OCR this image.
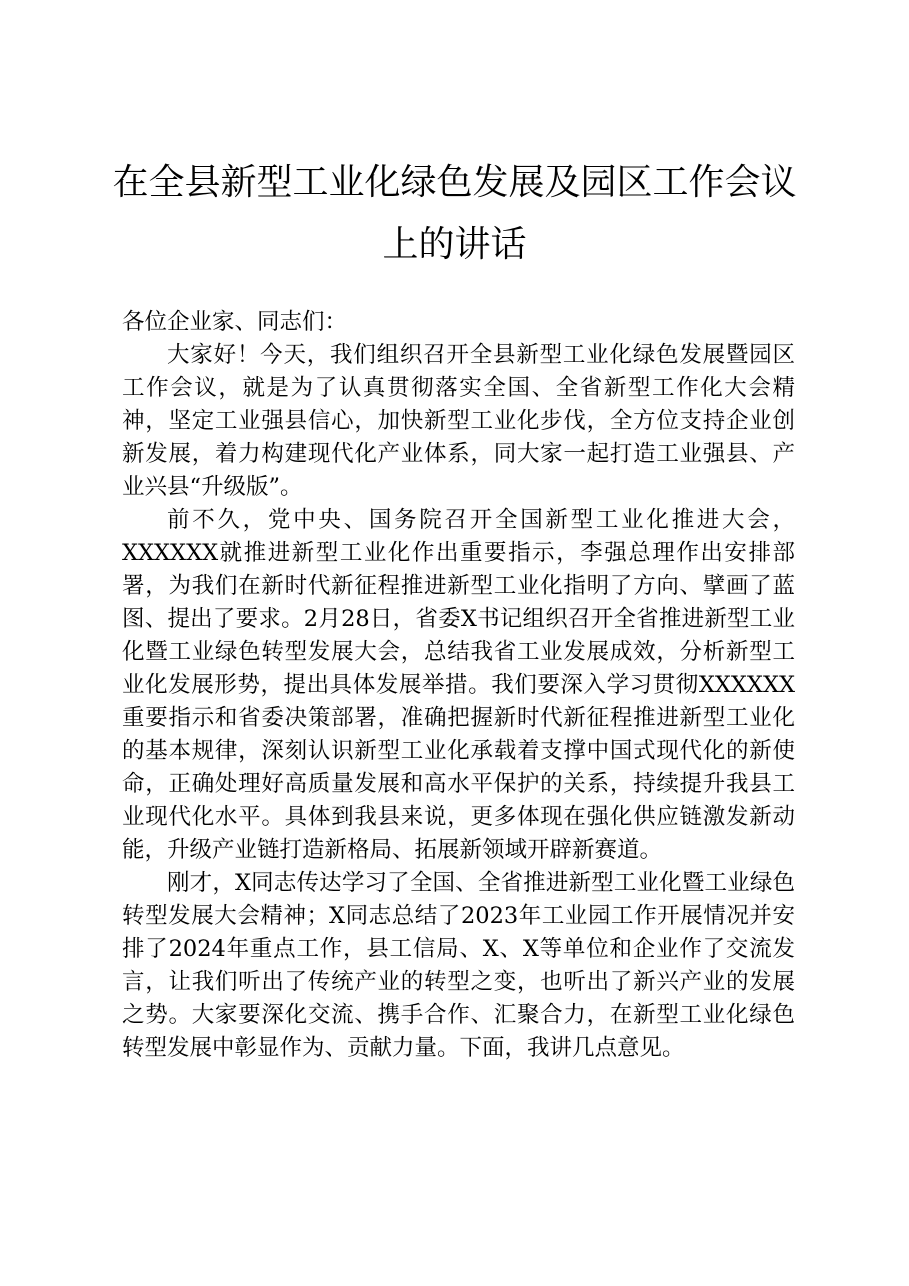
在全县新型工业化绿色发展及园区工作会议上的讲话

各位企业家、同志们：

大家好！今天，我们组织召开全县新型工业化绿色发展暨园区工作会议，就是为了认真贯彻落实全国、全省新型工作化大会精神，坚定工业强县信心，加快新型工业化步伐，全方位支持企业创新发展，着力构建现代化产业体系，同大家一起打造工业强县、产业兴县“升级版”。

前不久，党中央、国务院召开全国新型工业化推进大会，XXXXXX就推进新型工业化作出重要指示，李强总理作出安排部署，为我们在新时代新征程推进新型工业化指明了方向、擘画了蓝图、提出了要求。2月28日，省委X书记组织召开全省推进新型工业化暨工业绿色转型发展大会，总结我省工业发展成效，分析新型工业化发展形势，提出具体发展举措。我们要深入学习贯彻XXXXXX重要指示和省委决策部署，准确把握新时代新征程推进新型工业化的基本规律，深刻认识新型工业化承载着支撑中国式现代化的新使命，正确处理好高质量发展和高水平保护的关系，持续提升我县工业现代化水平。具体到我县来说，更多体现在强化供应链激发新动能，升级产业链打造新格局、拓展新领域开辟新赛道。

刚才，X同志传达学习了全国、全省推进新型工业化暨工业绿色转型发展大会精神；X同志总结了2023年工业园工作开展情况并安排了2024年重点工作，县工信局、X、X等单位和企业作了交流发言，让我们听出了传统产业的转型之变，也听出了新兴产业的发展之势。大家要深化交流、携手合作、汇聚合力，在新型工业化绿色转型发展中彰显作为、贡献力量。下面，我讲几点意见。
